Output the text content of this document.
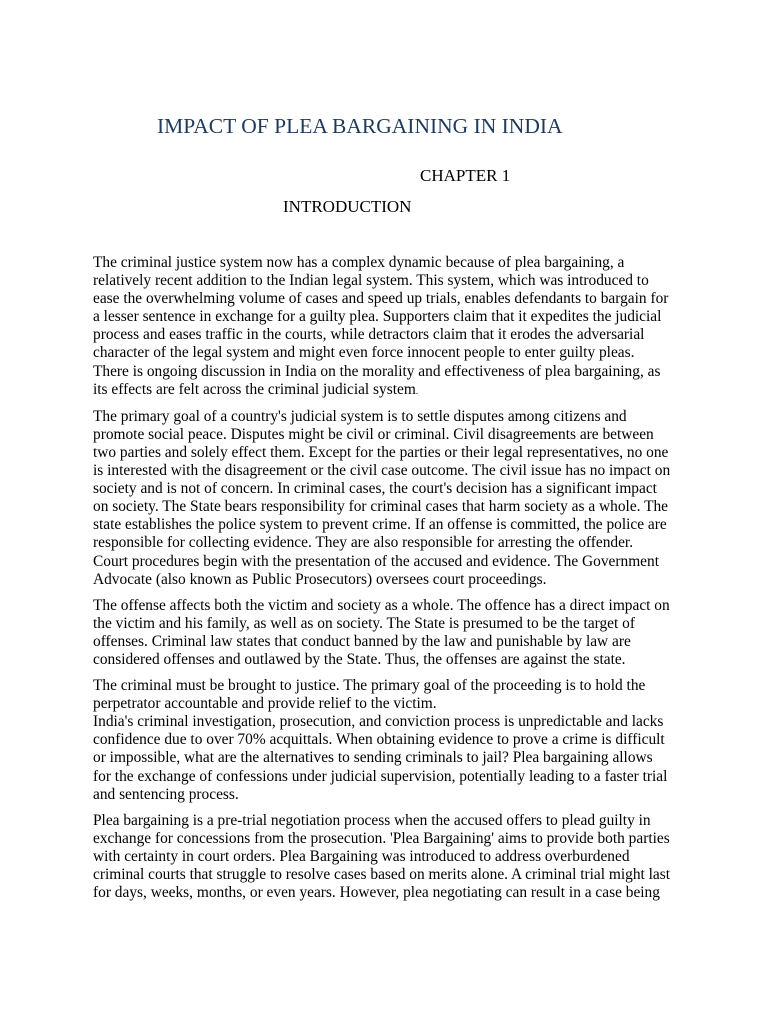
IMPACT OF PLEA BARGAINING IN INDIA
CHAPTER 1
INTRODUCTION

The criminal justice system now has a complex dynamic because of plea bargaining, a
relatively recent addition to the Indian legal system. This system, which was introduced to
ease the overwhelming volume of cases and speed up trials, enables defendants to bargain for
a lesser sentence in exchange for a guilty plea. Supporters claim that it expedites the judicial
process and eases traffic in the courts, while detractors claim that it erodes the adversarial
character of the legal system and might even force innocent people to enter guilty pleas.
There is ongoing discussion in India on the morality and effectiveness of plea bargaining, as
its effects are felt across the criminal judicial system.

The primary goal of a country's judicial system is to settle disputes among citizens and
promote social peace. Disputes might be civil or criminal. Civil disagreements are between
two parties and solely effect them. Except for the parties or their legal representatives, no one
is interested with the disagreement or the civil case outcome. The civil issue has no impact on
society and is not of concern. In criminal cases, the court's decision has a significant impact
on society. The State bears responsibility for criminal cases that harm society as a whole. The
state establishes the police system to prevent crime. If an offense is committed, the police are
responsible for collecting evidence. They are also responsible for arresting the offender.
Court procedures begin with the presentation of the accused and evidence. The Government
Advocate (also known as Public Prosecutors) oversees court proceedings.

The offense affects both the victim and society as a whole. The offence has a direct impact on
the victim and his family, as well as on society. The State is presumed to be the target of
offenses. Criminal law states that conduct banned by the law and punishable by law are
considered offenses and outlawed by the State. Thus, the offenses are against the state.

The criminal must be brought to justice. The primary goal of the proceeding is to hold the
perpetrator accountable and provide relief to the victim.
India's criminal investigation, prosecution, and conviction process is unpredictable and lacks
confidence due to over 70% acquittals. When obtaining evidence to prove a crime is difficult
or impossible, what are the alternatives to sending criminals to jail? Plea bargaining allows
for the exchange of confessions under judicial supervision, potentially leading to a faster trial
and sentencing process.

Plea bargaining is a pre-trial negotiation process when the accused offers to plead guilty in
exchange for concessions from the prosecution. 'Plea Bargaining' aims to provide both parties
with certainty in court orders. Plea Bargaining was introduced to address overburdened
criminal courts that struggle to resolve cases based on merits alone. A criminal trial might last
for days, weeks, months, or even years. However, plea negotiating can result in a case being
